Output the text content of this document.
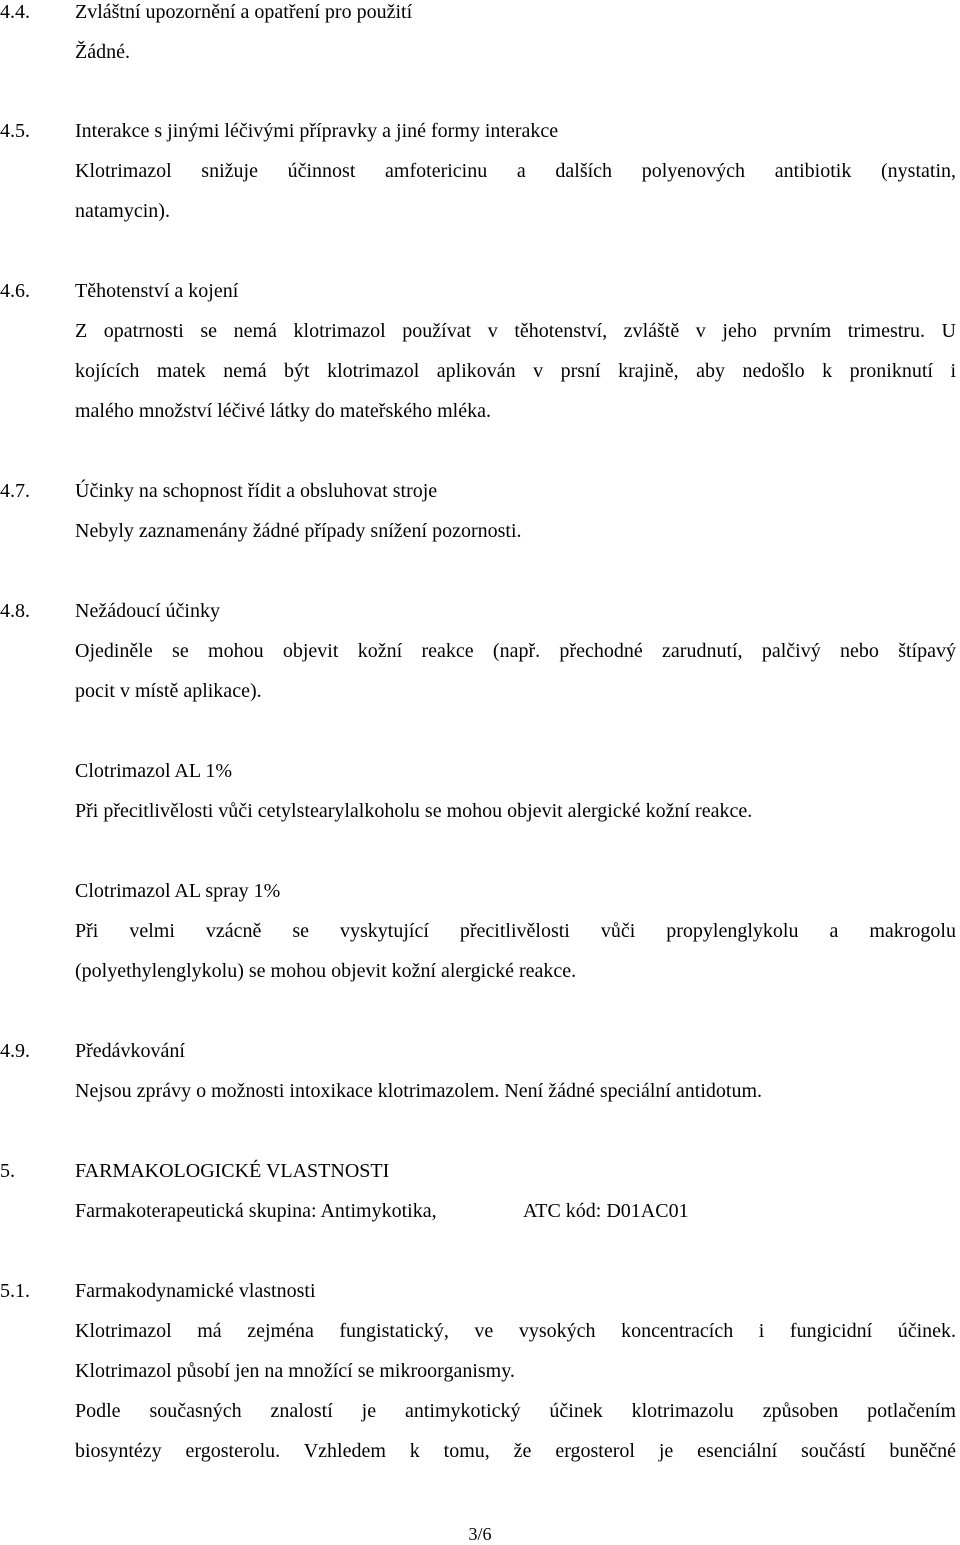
4.4. Zvláštní upozornění a opatření pro použití
Žádné.
4.5. Interakce s jinými léčivými přípravky a jiné formy interakce
Klotrimazol snižuje účinnost amfotericinu a dalších polyenových antibiotik (nystatin,
natamycin).
4.6. Těhotenství a kojení
Z opatrnosti se nemá klotrimazol používat v těhotenství, zvláště v jeho prvním trimestru. U
kojících matek nemá být klotrimazol aplikován v prsní krajině, aby nedošlo k proniknutí i
malého množství léčivé látky do mateřského mléka.
4.7. Účinky na schopnost řídit a obsluhovat stroje
Nebyly zaznamenány žádné případy snížení pozornosti.
4.8. Nežádoucí účinky
Ojediněle se mohou objevit kožní reakce (např. přechodné zarudnutí, palčivý nebo štípavý
pocit v místě aplikace).
Clotrimazol AL 1%
Při přecitlivělosti vůči cetylstearylalkoholu se mohou objevit alergické kožní reakce.
Clotrimazol AL spray 1%
Při velmi vzácně se vyskytující přecitlivělosti vůči propylenglykolu a makrogolu
(polyethylenglykolu) se mohou objevit kožní alergické reakce.
4.9. Předávkování
Nejsou zprávy o možnosti intoxikace klotrimazolem. Není žádné speciální antidotum.
5.	FARMAKOLOGICKÉ VLASTNOSTI
Farmakoterapeutická skupina: Antimykotika,	ATC kód: D01AC01
5.1. Farmakodynamické vlastnosti
Klotrimazol má zejména fungistatický, ve vysokých koncentracích i fungicidní účinek.
Klotrimazol působí jen na množící se mikroorganismy.
Podle současných znalostí je antimykotický účinek klotrimazolu způsoben potlačením
biosyntézy ergosterolu. Vzhledem k tomu, že ergosterol je esenciální součástí buněčné
3/6
